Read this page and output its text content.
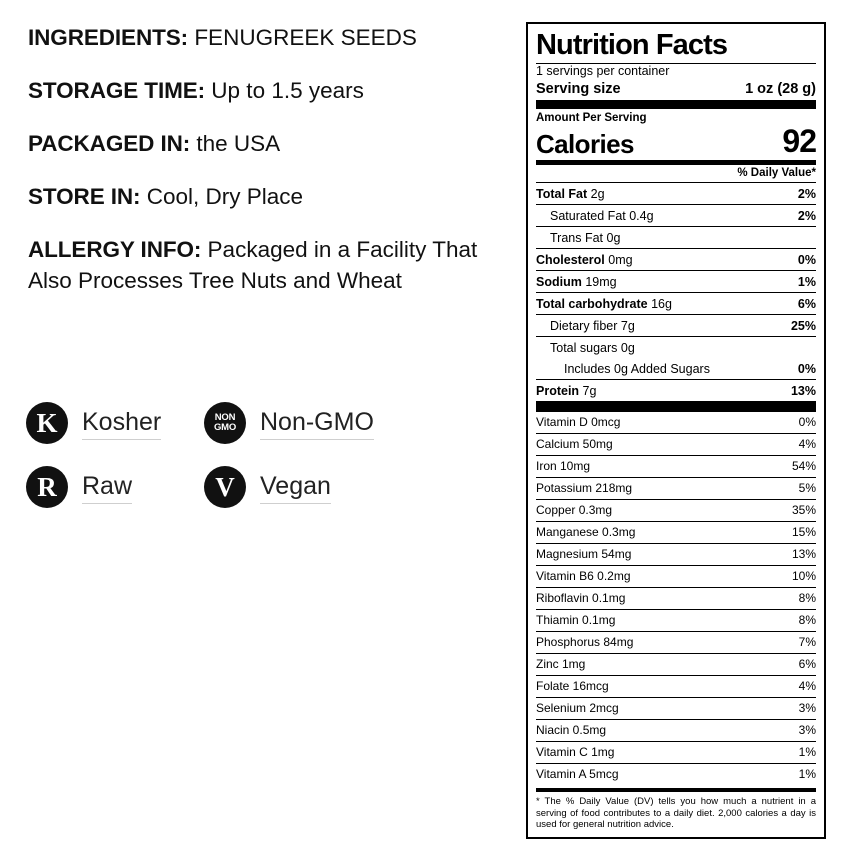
INGREDIENTS: FENUGREEK SEEDS
STORAGE TIME: Up to 1.5 years
PACKAGED IN: the USA
STORE IN: Cool, Dry Place
ALLERGY INFO: Packaged in a Facility That Also Processes Tree Nuts and Wheat
K Kosher	NON
GMO Non-GMO
R Raw	V Vegan
Nutrition Facts
1 servings per container
Serving size	1 oz (28 g)
Amount Per Serving
Calories	92
% Daily Value*
Total Fat 2g	2%
Saturated Fat 0.4g	2%
Trans Fat 0g
Cholesterol 0mg	0%
Sodium 19mg	1%
Total carbohydrate 16g	6%
Dietary fiber 7g	25%
Total sugars 0g
Includes 0g Added Sugars	0%
Protein 7g	13%
Vitamin D 0mcg	0%
Calcium 50mg	4%
Iron 10mg	54%
Potassium 218mg	5%
Copper 0.3mg	35%
Manganese 0.3mg	15%
Magnesium 54mg	13%
Vitamin B6 0.2mg	10%
Riboflavin 0.1mg	8%
Thiamin 0.1mg	8%
Phosphorus 84mg	7%
Zinc 1mg	6%
Folate 16mcg	4%
Selenium 2mcg	3%
Niacin 0.5mg	3%
Vitamin C 1mg	1%
Vitamin A 5mcg	1%
* The % Daily Value (DV) tells you how much a nutrient in a serving of food contributes to a daily diet. 2,000 calories a day is used for general nutrition advice.
